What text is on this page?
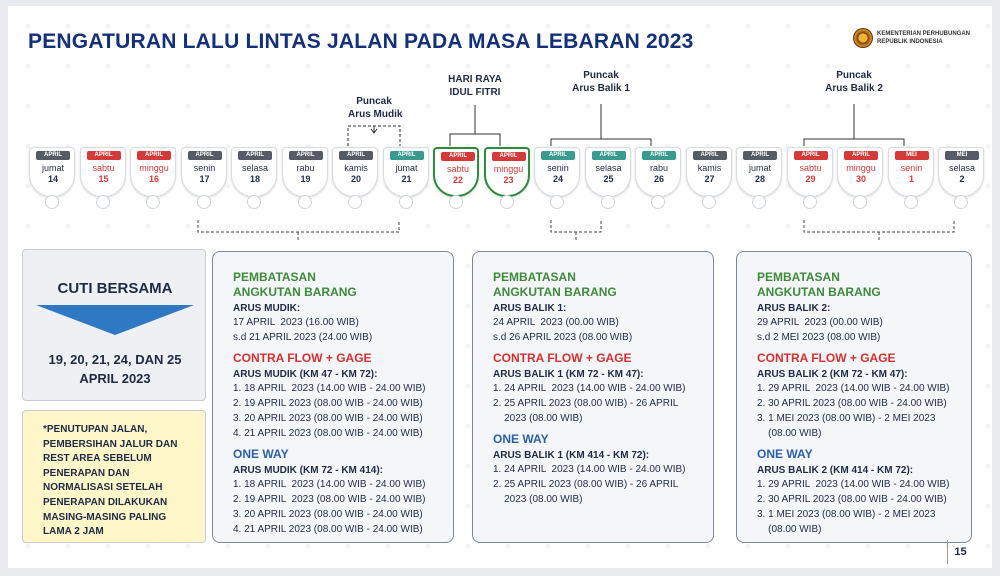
PENGATURAN LALU LINTAS JALAN PADA MASA LEBARAN 2023	KEMENTERIAN PERHUBUNGAN
REPUBLIK INDONESIA
Puncak
Arus Mudik
HARI RAYA
IDUL FITRI
Puncak
Arus Balik 1
Puncak
Arus Balik 2
APRIL
jumat
14
APRIL
sabtu
15
APRIL
minggu
16
APRIL
senin
17
APRIL
selasa
18
APRIL
rabu
19
APRIL
kamis
20
APRIL
jumat
21
APRIL
sabtu
22
APRIL
minggu
23
APRIL
senin
24
APRIL
selasa
25
APRIL
rabu
26
APRIL
kamis
27
APRIL
jumat
28
APRIL
sabtu
29
APRIL
minggu
30
MEI
senin
1
MEI
selasa
2
CUTI BERSAMA
19, 20, 21, 24, DAN 25
APRIL 2023
*PENUTUPAN JALAN, PEMBERSIHAN JALUR DAN REST AREA SEBELUM PENERAPAN DAN NORMALISASI SETELAH PENERAPAN DILAKUKAN MASING-MASING PALING LAMA 2 JAM
PEMBATASAN
ANGKUTAN BARANG
ARUS MUDIK:
17 APRIL  2023 (16.00 WIB)
s.d 21 APRIL 2023 (24.00 WIB)
CONTRA FLOW + GAGE
ARUS MUDIK (KM 47 - KM 72):
1. 18 APRIL  2023 (14.00 WIB - 24.00 WIB)
2. 19 APRIL 2023 (08.00 WIB - 24.00 WIB)
3. 20 APRIL 2023 (08.00 WIB - 24.00 WIB)
4. 21 APRIL 2023 (08.00 WIB - 24.00 WIB)
ONE WAY
ARUS MUDIK (KM 72 - KM 414):
1. 18 APRIL  2023 (14.00 WIB - 24.00 WIB)
2. 19 APRIL  2023 (08.00 WIB - 24.00 WIB)
3. 20 APRIL 2023 (08.00 WIB - 24.00 WIB)
4. 21 APRIL 2023 (08.00 WIB - 24.00 WIB)
PEMBATASAN
ANGKUTAN BARANG
ARUS BALIK 1:
24 APRIL  2023 (00.00 WIB)
s.d 26 APRIL 2023 (08.00 WIB)
CONTRA FLOW + GAGE
ARUS BALIK 1 (KM 72 - KM 47):
1. 24 APRIL  2023 (14.00 WIB - 24.00 WIB)
2. 25 APRIL 2023 (08.00 WIB) - 26 APRIL
2023 (08.00 WIB)
ONE WAY
ARUS BALIK 1 (KM 414 - KM 72):
1. 24 APRIL  2023 (14.00 WIB - 24.00 WIB)
2. 25 APRIL 2023 (08.00 WIB) - 26 APRIL
2023 (08.00 WIB)
PEMBATASAN
ANGKUTAN BARANG
ARUS BALIK 2:
29 APRIL  2023 (00.00 WIB)
s.d 2 MEI 2023 (08.00 WIB)
CONTRA FLOW + GAGE
ARUS BALIK 2 (KM 72 - KM 47):
1. 29 APRIL  2023 (14.00 WIB - 24.00 WIB)
2. 30 APRIL 2023 (08.00 WIB - 24.00 WIB)
3. 1 MEI 2023 (08.00 WIB) - 2 MEI 2023
(08.00 WIB)
ONE WAY
ARUS BALIK 2 (KM 414 - KM 72):
1. 29 APRIL  2023 (14.00 WIB - 24.00 WIB)
2. 30 APRIL 2023 (08.00 WIB - 24.00 WIB)
3. 1 MEI 2023 (08.00 WIB) - 2 MEI 2023
(08.00 WIB)
15
